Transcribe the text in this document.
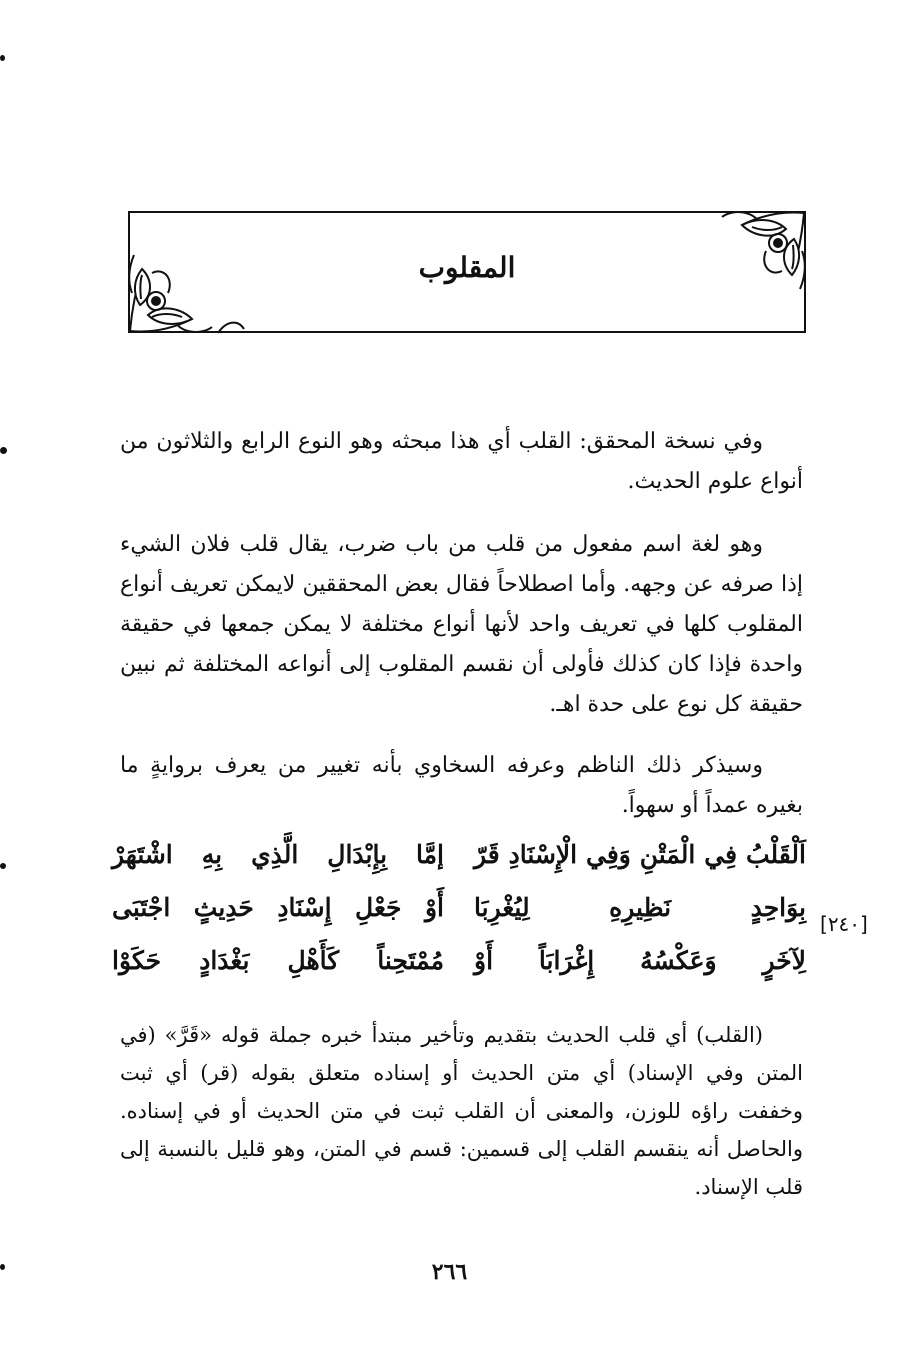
المقلوب

وفي نسخة المحقق: القلب أي هذا مبحثه وهو النوع الرابع والثلاثون من أنواع علوم الحديث.

وهو لغة اسم مفعول من قلب من باب ضرب، يقال قلب فلان الشيء إذا صرفه عن وجهه. وأما اصطلاحاً فقال بعض المحققين لايمكن تعريف أنواع المقلوب كلها في تعريف واحد لأنها أنواع مختلفة لا يمكن جمعها في حقيقة واحدة فإذا كان كذلك فأولى أن نقسم المقلوب إلى أنواعه المختلفة ثم نبين حقيقة كل نوع على حدة اهـ.

وسيذكر ذلك الناظم وعرفه السخاوي بأنه تغيير من يعرف بروايةٍ ما بغيره عمداً أو سهواً.

[٢٤٠]
اَلْقَلْبُ فِي الْمَتْنِ وَفِي الْإِسْنَادِ قَرّ
إمَّا بِإِبْدَالِ الَّذِي بِهِ اشْتَهَرْ
بِوَاحِدٍ نَظِيرِهِ لِيُغْرِبَا
أَوْ جَعْلِ إِسْنَادِ حَدِيثٍ اجْتَبَى
لِآخَرٍ وَعَكْسُهُ إِغْرَابَاً أَوْ
مُمْتَحِناً كَأَهْلِ بَغْدَادٍ حَكَوْا

(القلب) أي قلب الحديث بتقديم وتأخير مبتدأ خبره جملة قوله «قَرَّ» (في المتن وفي الإسناد) أي متن الحديث أو إسناده متعلق بقوله (قر) أي ثبت وخففت راؤه للوزن، والمعنى أن القلب ثبت في متن الحديث أو في إسناده. والحاصل أنه ينقسم القلب إلى قسمين: قسم في المتن، وهو قليل بالنسبة إلى قلب الإسناد.

٢٦٦
